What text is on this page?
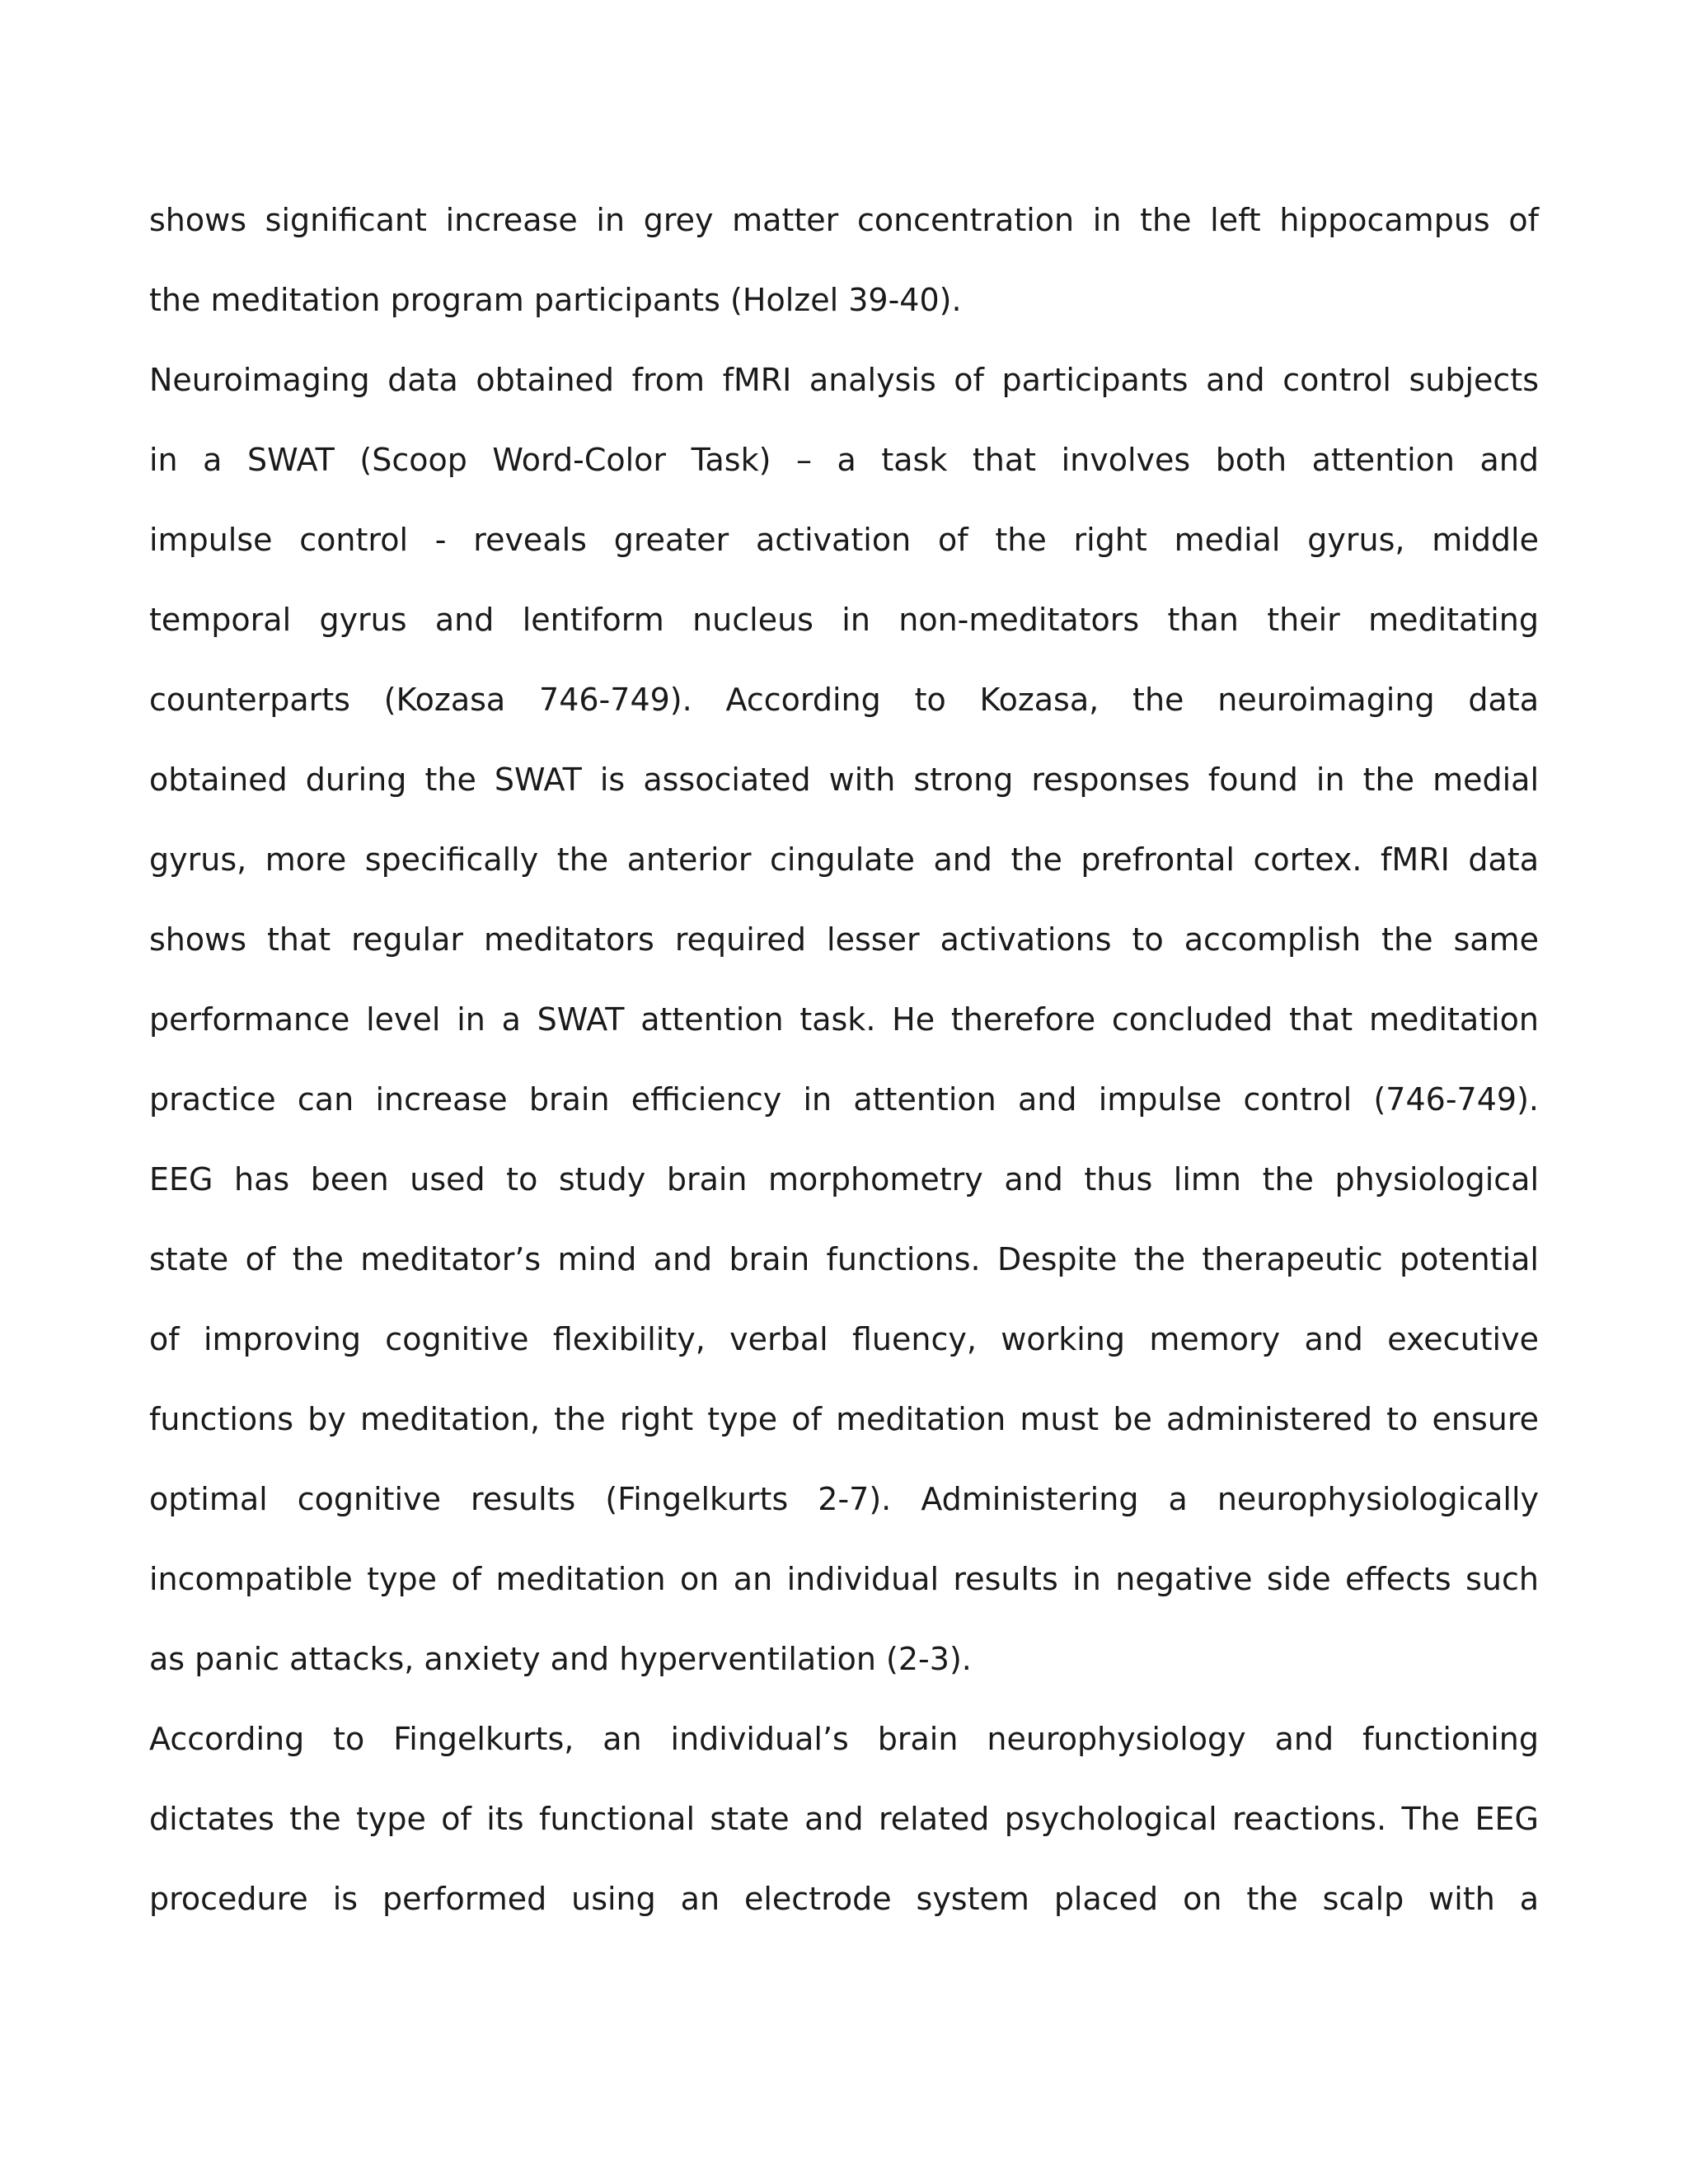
shows significant increase in grey matter concentration in the left hippocampus of
the meditation program participants (Holzel 39-40).
Neuroimaging data obtained from fMRI analysis of participants and control subjects
in a SWAT (Scoop Word-Color Task) – a task that involves both attention and
impulse control - reveals greater activation of the right medial gyrus, middle
temporal gyrus and lentiform nucleus in non-meditators than their meditating
counterparts (Kozasa 746-749). According to Kozasa, the neuroimaging data
obtained during the SWAT is associated with strong responses found in the medial
gyrus, more specifically the anterior cingulate and the prefrontal cortex. fMRI data
shows that regular meditators required lesser activations to accomplish the same
performance level in a SWAT attention task. He therefore concluded that meditation
practice can increase brain efficiency in attention and impulse control (746-749).
EEG has been used to study brain morphometry and thus limn the physiological
state of the meditator’s mind and brain functions. Despite the therapeutic potential
of improving cognitive flexibility, verbal fluency, working memory and executive
functions by meditation, the right type of meditation must be administered to ensure
optimal cognitive results (Fingelkurts 2-7). Administering a neurophysiologically
incompatible type of meditation on an individual results in negative side effects such
as panic attacks, anxiety and hyperventilation (2-3).
According to Fingelkurts, an individual’s brain neurophysiology and functioning
dictates the type of its functional state and related psychological reactions. The EEG
procedure is performed using an electrode system placed on the scalp with a
